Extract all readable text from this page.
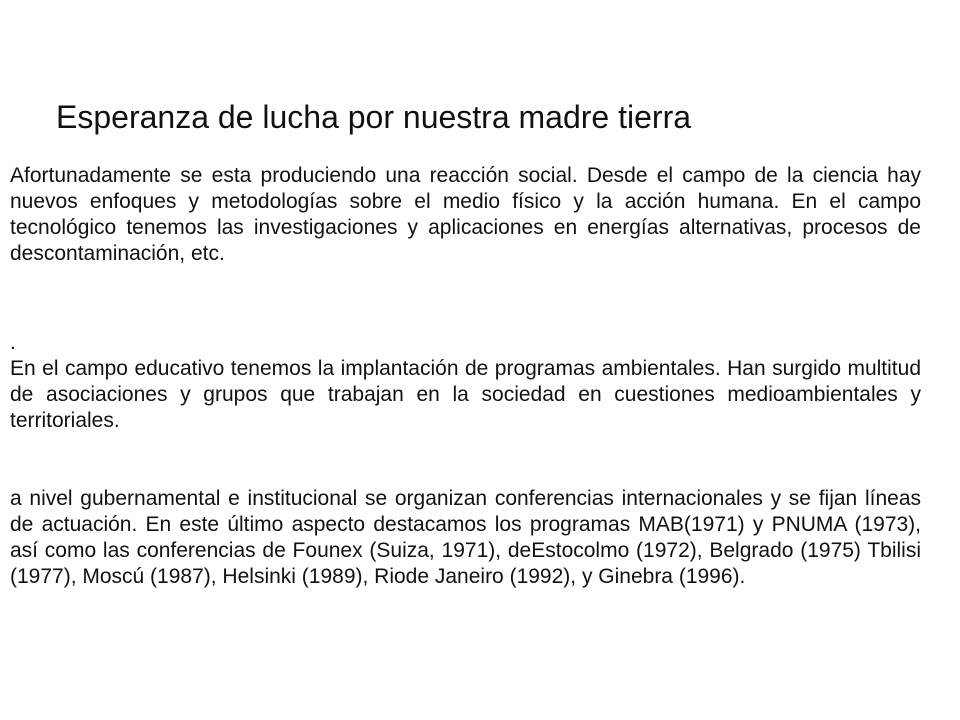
Esperanza de lucha por nuestra madre tierra

Afortunadamente se esta produciendo una reacción social. Desde el campo de la ciencia hay nuevos enfoques y metodologías sobre el medio físico y la acción humana. En el campo tecnológico tenemos las investigaciones y aplicaciones en energías alternativas, procesos de descontaminación, etc.

.
En el campo educativo tenemos la implantación de programas ambientales. Han surgido multitud de asociaciones y grupos que trabajan en la sociedad en cuestiones medioambientales y territoriales.

a nivel gubernamental e institucional se organizan conferencias internacionales y se fijan líneas de actuación. En este último aspecto destacamos los programas MAB(1971) y PNUMA (1973), así como las conferencias de Founex (Suiza, 1971), deEstocolmo (1972), Belgrado (1975) Tbilisi (1977), Moscú (1987), Helsinki (1989), Riode Janeiro (1992), y Ginebra (1996).
